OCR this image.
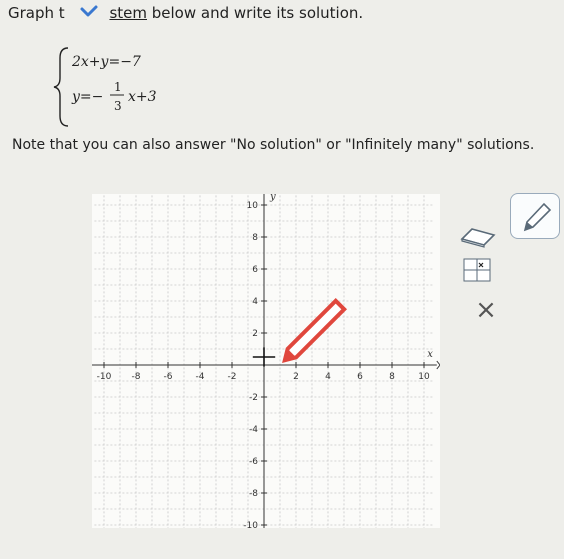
Graph t	stem below and write its solution.
2x+y=−7
y=−
1
3
x+3
Note that you can also answer "No solution" or "Infinitely many" solutions.
-10 -8	-6	-4	-2	2	4	6	8	10
10
8
6
4
2
-2
-4
-6
-8
-10
x
y
×
